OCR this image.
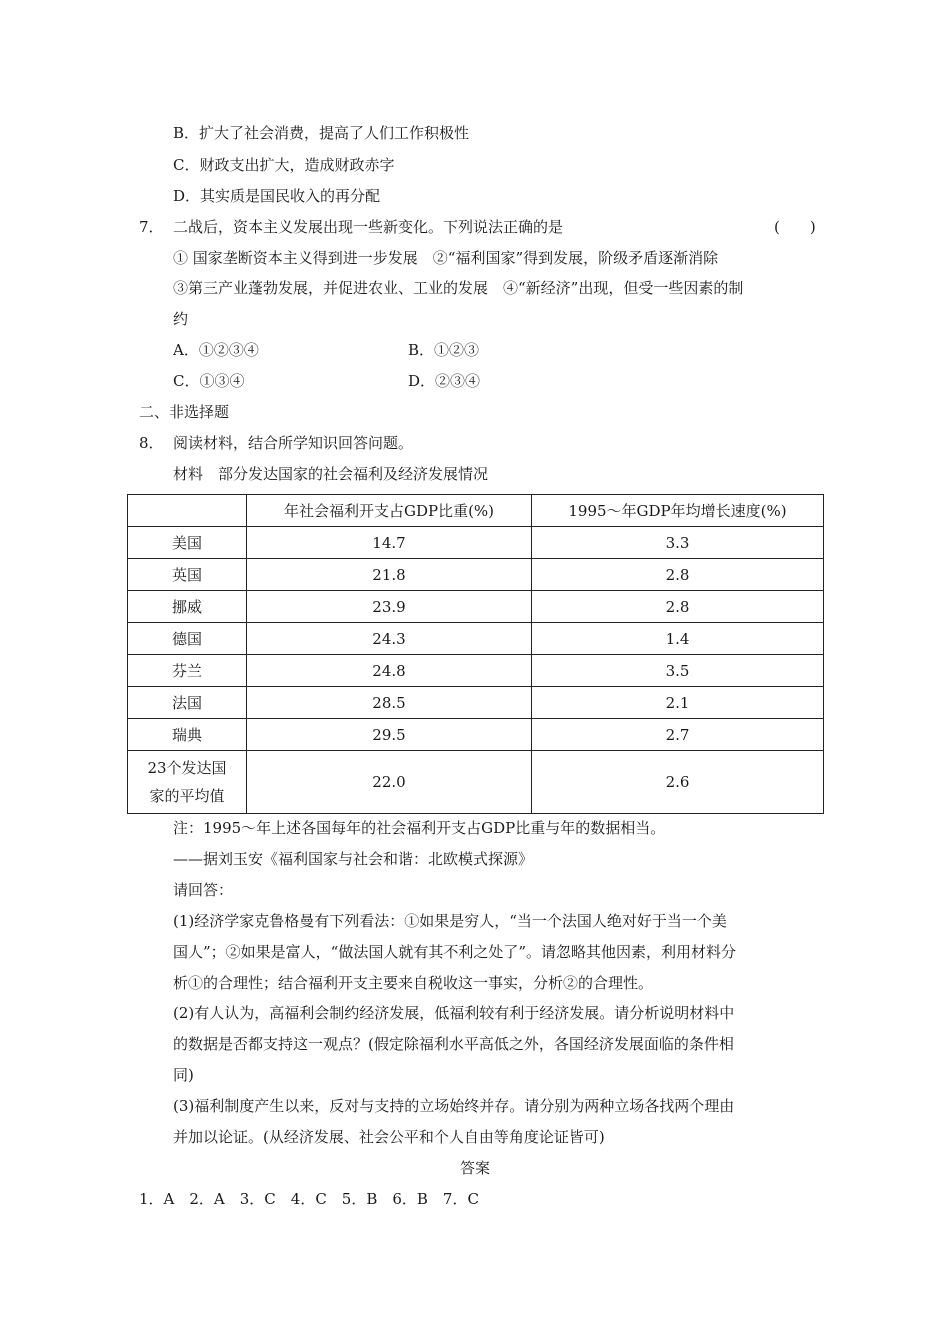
B．扩大了社会消费，提高了人们工作积极性
C．财政支出扩大，造成财政赤字
D．其实质是国民收入的再分配
7． 二战后，资本主义发展出现一些新变化。下列说法正确的是	(　　)
① 国家垄断资本主义得到进一步发展　②“福利国家”得到发展，阶级矛盾逐渐消除
③第三产业蓬勃发展，并促进农业、工业的发展　④“新经济”出现，但受一些因素的制
约
A．①②③④	B．①②③
C．①③④	D．②③④
二、非选择题
8． 阅读材料，结合所学知识回答问题。
材料　部分发达国家的社会福利及经济发展情况
	年社会福利开支占GDP比重(%)	1995～年GDP年均增长速度(%)
美国	14.7	3.3
英国	21.8	2.8
挪威	23.9	2.8
德国	24.3	1.4
芬兰	24.8	3.5
法国	28.5	2.1
瑞典	29.5	2.7

23个发达国
家的平均值	22.0	2.6
注：1995～年上述各国每年的社会福利开支占GDP比重与年的数据相当。
——据刘玉安《福利国家与社会和谐：北欧模式探源》
请回答：
(1)经济学家克鲁格曼有下列看法：①如果是穷人，“当一个法国人绝对好于当一个美
国人”；②如果是富人，“做法国人就有其不利之处了”。请忽略其他因素，利用材料分
析①的合理性；结合福利开支主要来自税收这一事实，分析②的合理性。
(2)有人认为，高福利会制约经济发展，低福利较有利于经济发展。请分析说明材料中
的数据是否都支持这一观点？(假定除福利水平高低之外，各国经济发展面临的条件相
同)
(3)福利制度产生以来，反对与支持的立场始终并存。请分别为两种立场各找两个理由
并加以论证。(从经济发展、社会公平和个人自由等角度论证皆可)
答案
1．A　2．A　3．C　4．C　5．B　6．B　7．C
